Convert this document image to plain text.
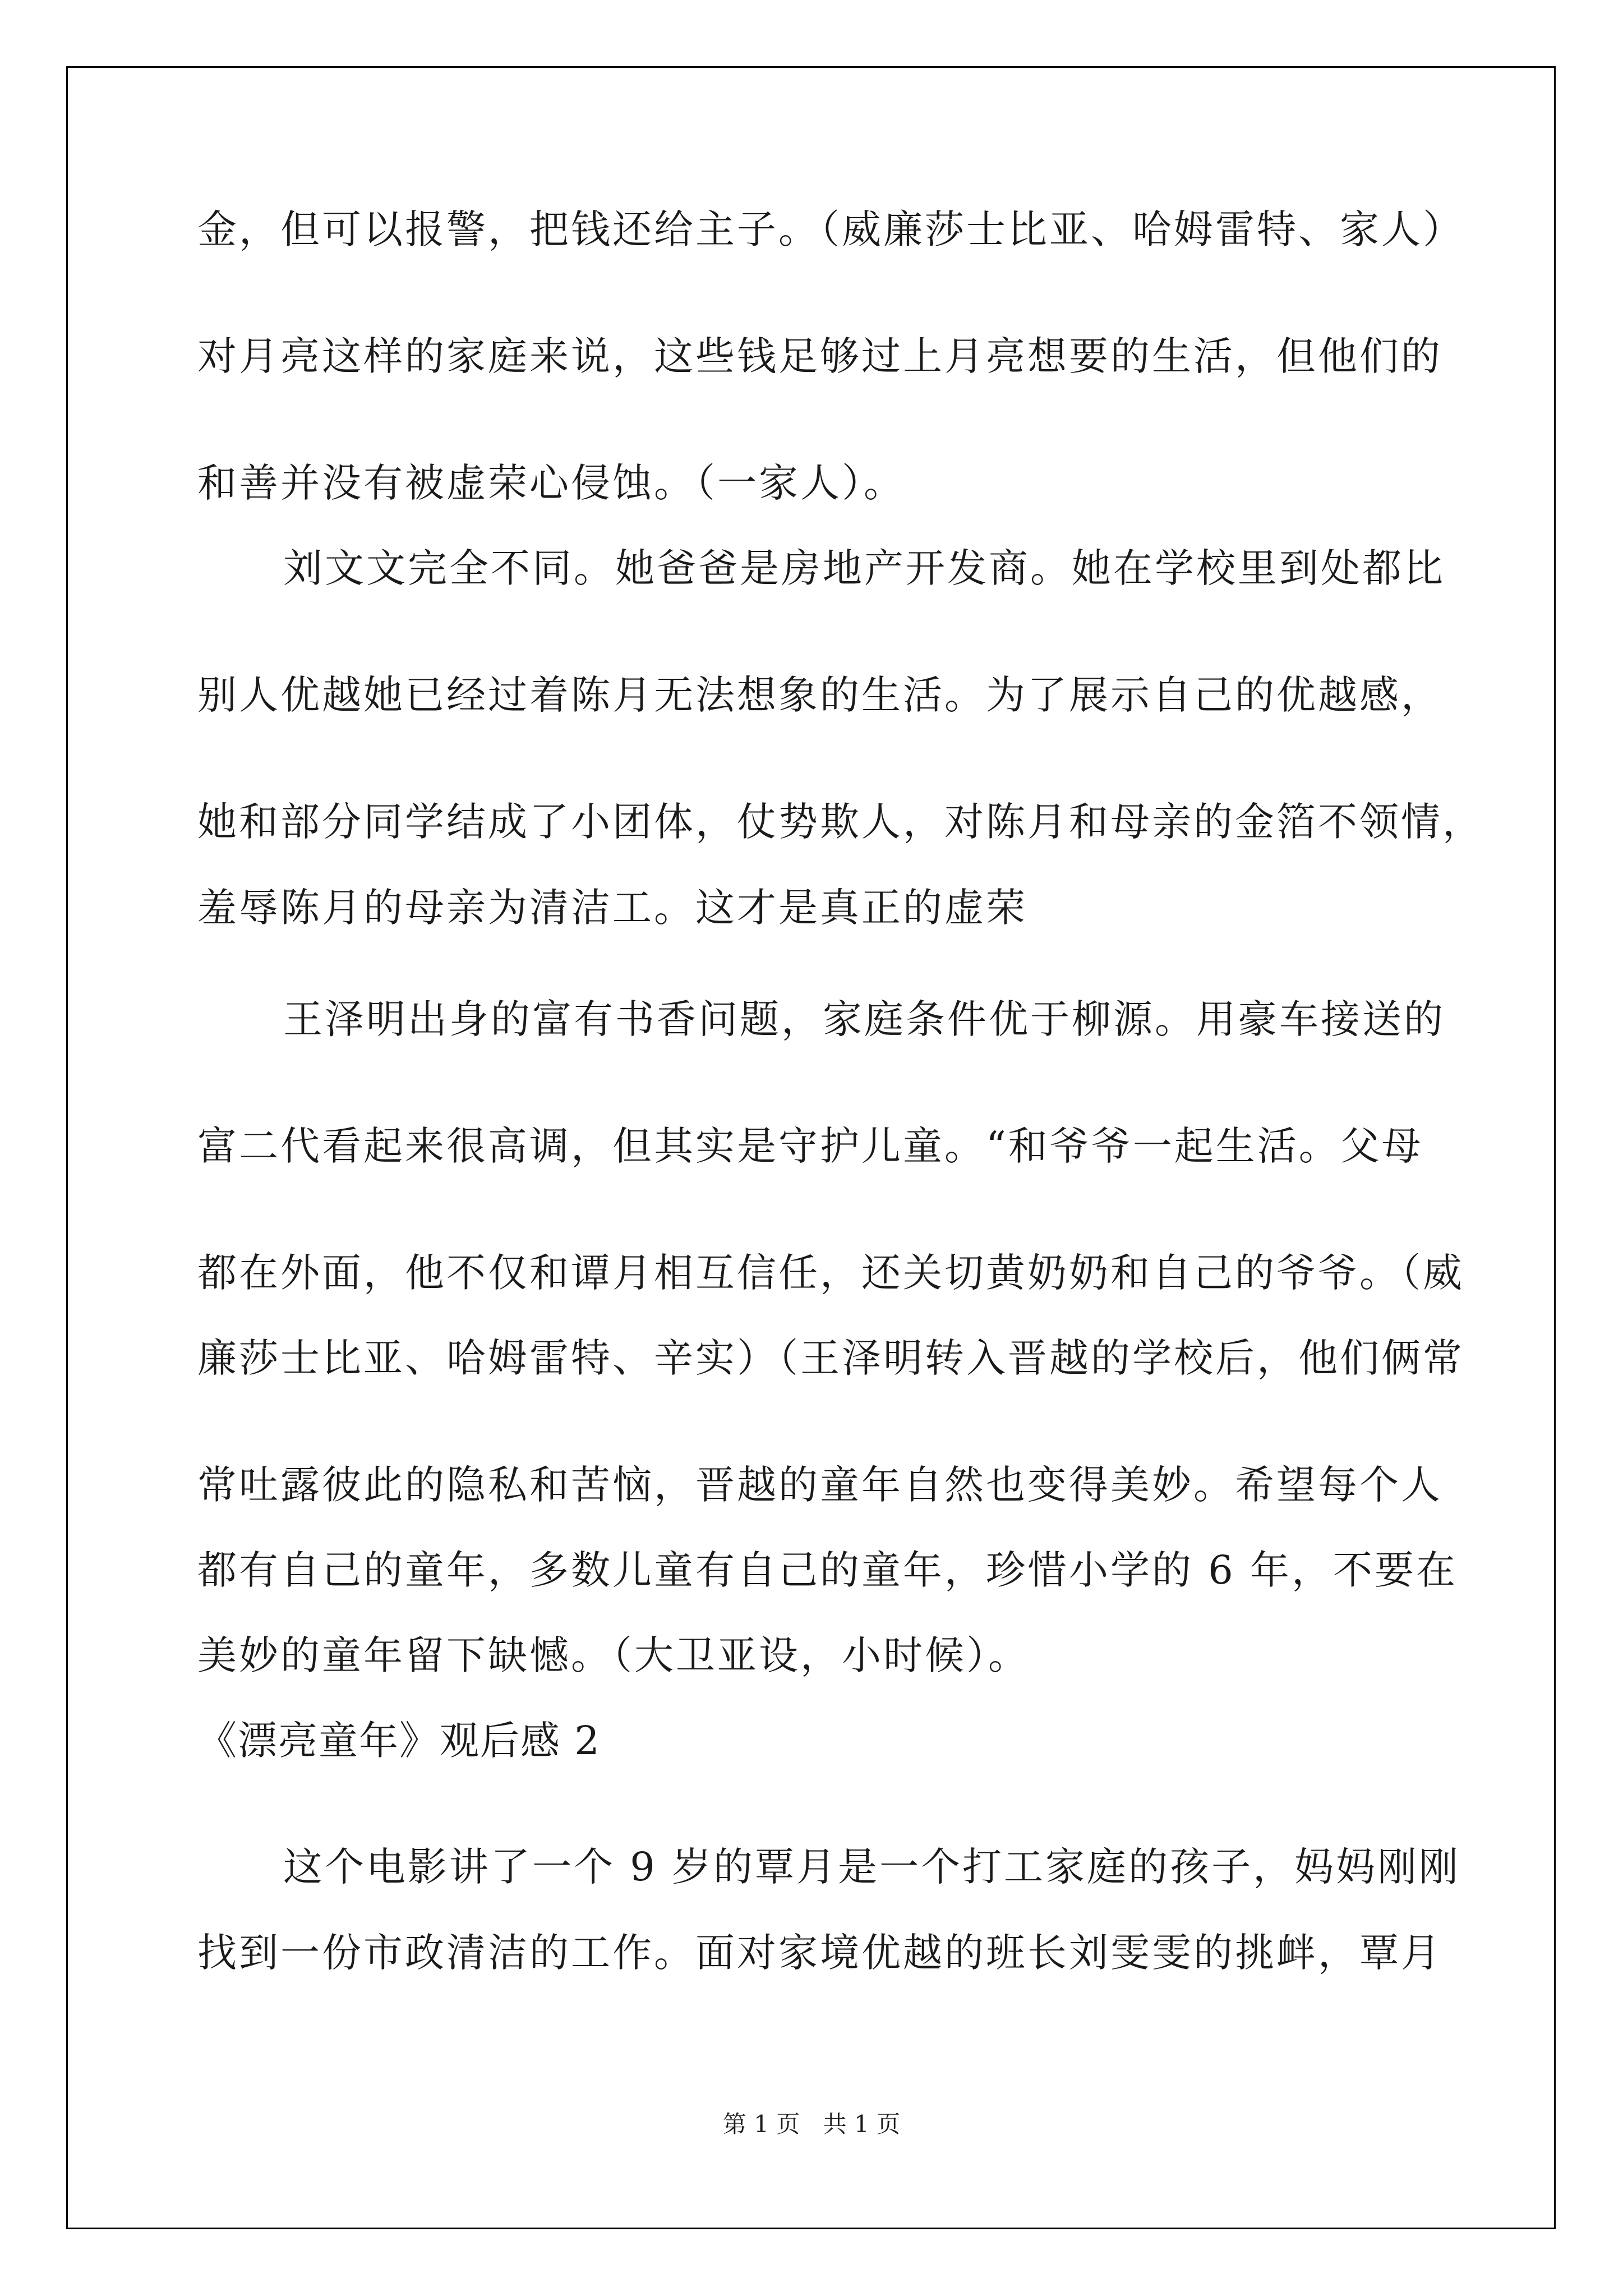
金，但可以报警，把钱还给主子。（威廉莎士比亚、哈姆雷特、家人）
对月亮这样的家庭来说，这些钱足够过上月亮想要的生活，但他们的
和善并没有被虚荣心侵蚀。（一家人）。
刘文文完全不同。她爸爸是房地产开发商。她在学校里到处都比
别人优越她已经过着陈月无法想象的生活。为了展示自己的优越感，
她和部分同学结成了小团体，仗势欺人，对陈月和母亲的金箔不领情，
羞辱陈月的母亲为清洁工。这才是真正的虚荣
王泽明出身的富有书香问题，家庭条件优于柳源。用豪车接送的
富二代看起来很高调，但其实是守护儿童。“和爷爷一起生活。父母
都在外面，他不仅和谭月相互信任，还关切黄奶奶和自己的爷爷。（威
廉莎士比亚、哈姆雷特、辛实）（王泽明转入晋越的学校后，他们俩常
常吐露彼此的隐私和苦恼，晋越的童年自然也变得美妙。希望每个人
都有自己的童年，多数儿童有自己的童年，珍惜小学的 6 年，不要在
美妙的童年留下缺憾。（大卫亚设，小时候）。
《漂亮童年》观后感 2
这个电影讲了一个 9 岁的覃月是一个打工家庭的孩子，妈妈刚刚
找到一份市政清洁的工作。面对家境优越的班长刘雯雯的挑衅，覃月
第 1 页 共 1 页
